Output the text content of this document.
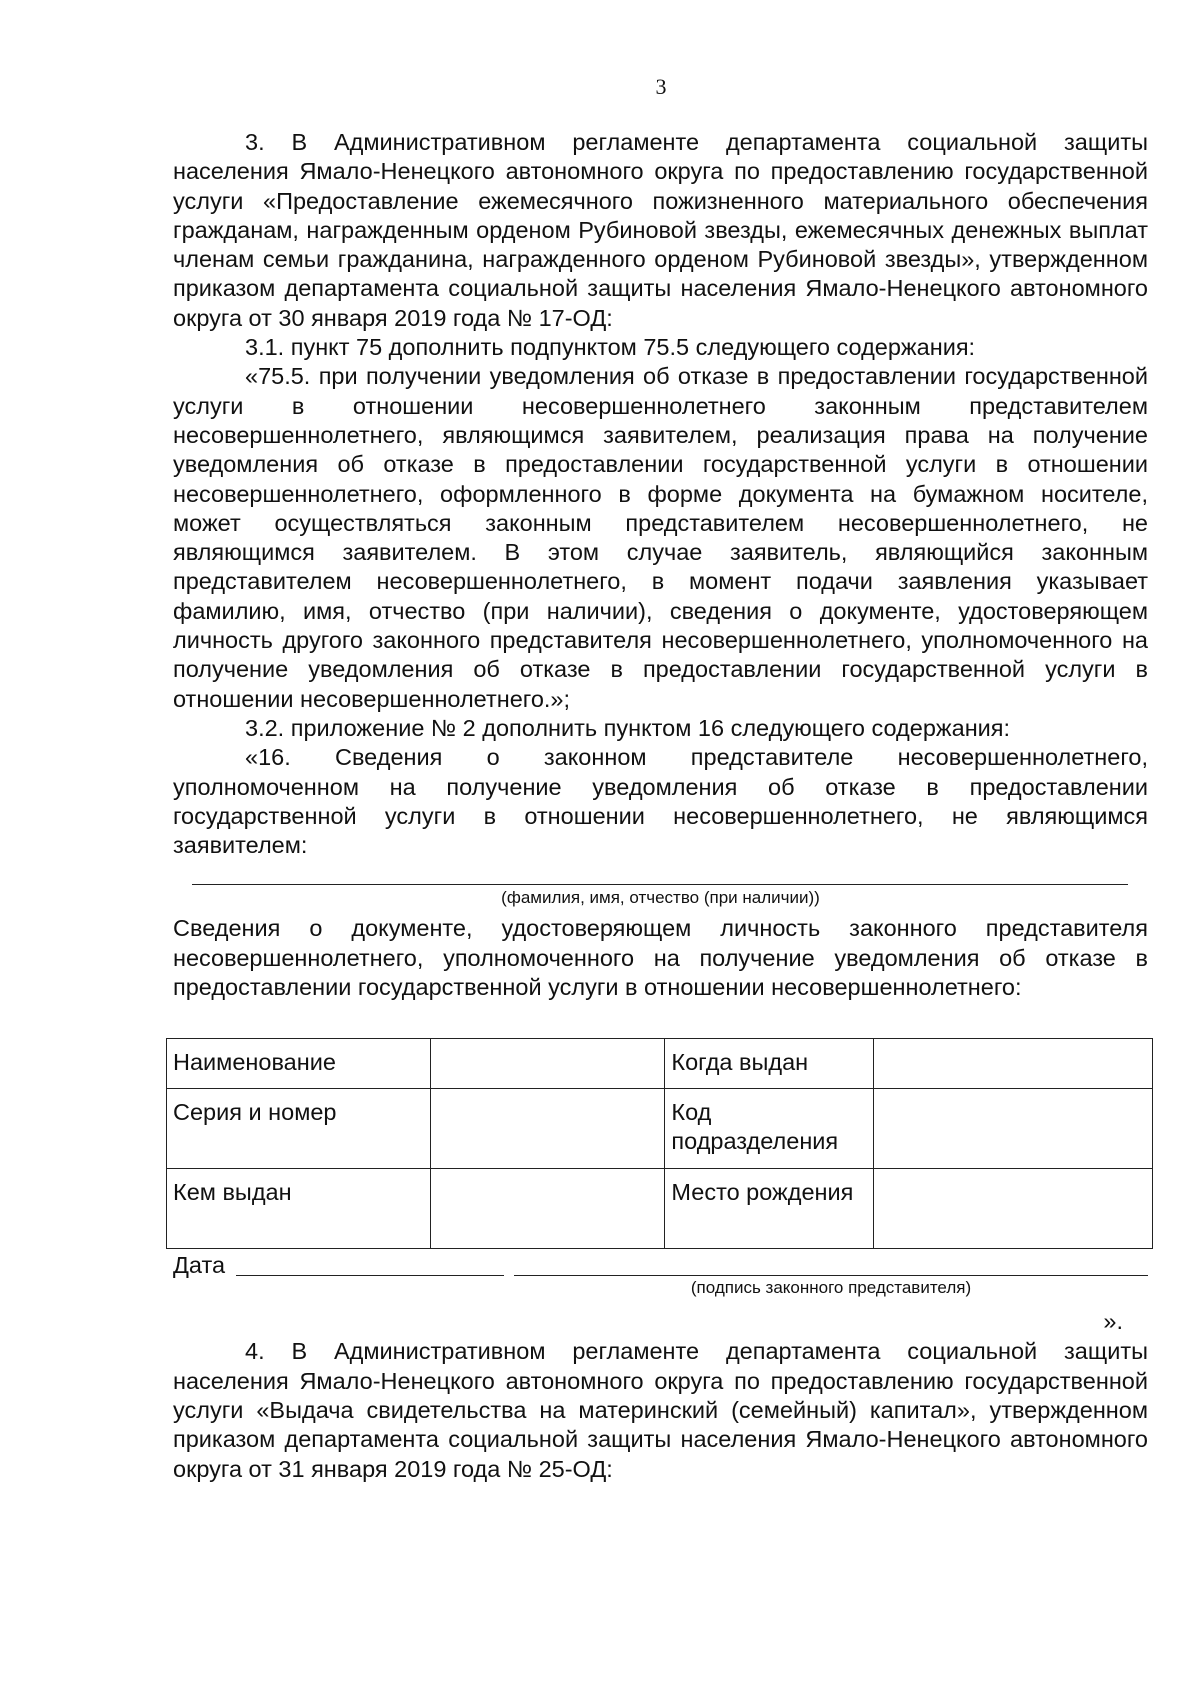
3

3. В Административном регламенте департамента социальной защиты населения Ямало-Ненецкого автономного округа по предоставлению государственной услуги «Предоставление ежемесячного пожизненного материального обеспечения гражданам, награжденным орденом Рубиновой звезды, ежемесячных денежных выплат членам семьи гражданина, награжденного орденом Рубиновой звезды», утвержденном приказом департамента социальной защиты населения Ямало-Ненецкого автономного округа от 30 января 2019 года № 17-ОД:

3.1. пункт 75 дополнить подпунктом 75.5 следующего содержания:

«75.5. при получении уведомления об отказе в предоставлении государственной услуги в отношении несовершеннолетнего законным представителем несовершеннолетнего, являющимся заявителем, реализация права на получение уведомления об отказе в предоставлении государственной услуги в отношении несовершеннолетнего, оформленного в форме документа на бумажном носителе, может осуществляться законным представителем несовершеннолетнего, не являющимся заявителем. В этом случае заявитель, являющийся законным представителем несовершеннолетнего, в момент подачи заявления указывает фамилию, имя, отчество (при наличии), сведения о документе, удостоверяющем личность другого законного представителя несовершеннолетнего, уполномоченного на получение уведомления об отказе в предоставлении государственной услуги в отношении несовершеннолетнего.»;

3.2. приложение № 2 дополнить пунктом 16 следующего содержания:

«16. Сведения о законном представителе несовершеннолетнего, уполномоченном на получение уведомления об отказе в предоставлении государственной услуги в отношении несовершеннолетнего, не являющимся заявителем:

(фамилия, имя, отчество (при наличии))

Сведения о документе, удостоверяющем личность законного представителя несовершеннолетнего, уполномоченного на получение уведомления об отказе в предоставлении государственной услуги в отношении несовершеннолетнего:

Наименование		Когда выдан	
Серия и номер		Код подразделения	
Кем выдан		Место рождения	
Дата
(подпись законного представителя)
».

4. В Административном регламенте департамента социальной защиты населения Ямало-Ненецкого автономного округа по предоставлению государственной услуги «Выдача свидетельства на материнский (семейный) капитал», утвержденном приказом департамента социальной защиты населения Ямало-Ненецкого автономного округа от 31 января 2019 года № 25-ОД:
